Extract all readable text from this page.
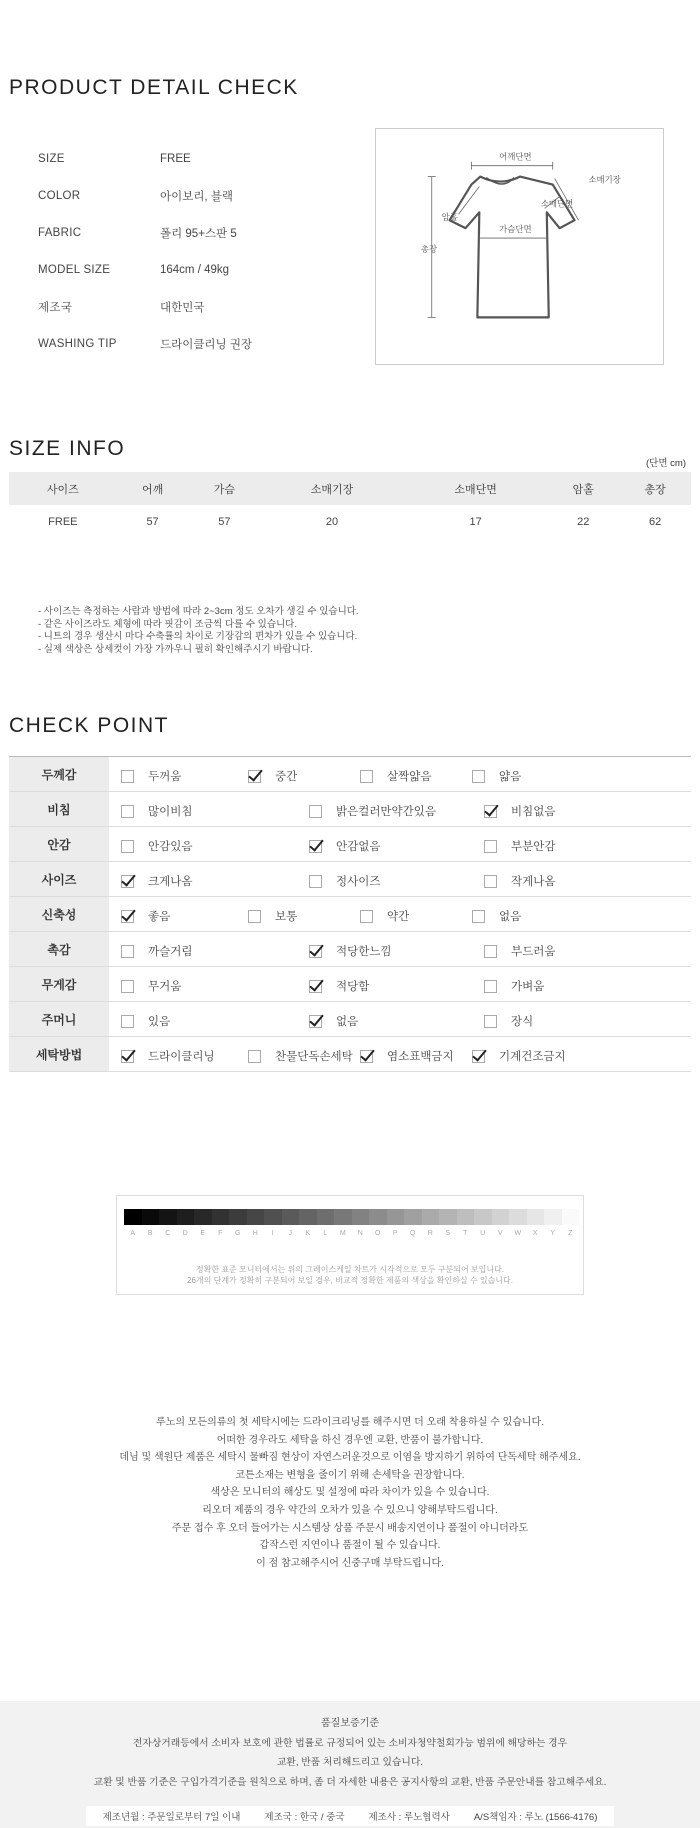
PRODUCT DETAIL CHECK
SIZE	FREE
COLOR	아이보리, 블랙
FABRIC	폴리 95+스판 5
MODEL SIZE	164cm / 49kg
제조국	대한민국
WASHING TIP	드라이클리닝 권장
어깨단면
소매기장
소매단면
암홀
가슴단면
총장
SIZE INFO
(단면 cm)
사이즈	어깨	가슴	소매기장	소매단면	암홀	총장
FREE	57	57	20	17	22	62
- 사이즈는 측정하는 사람과 방법에 따라 2~3cm 정도 오차가 생길 수 있습니다.
- 같은 사이즈라도 체형에 따라 핏감이 조금씩 다를 수 있습니다.
- 니트의 경우 생산시 마다 수축률의 차이로 기장감의 편차가 있을 수 있습니다.
- 실제 색상은 상세컷이 가장 가까우니 필히 확인해주시기 바랍니다.
CHECK POINT
두께감	두꺼움	중간	살짝얇음	얇음
비침	많이비침	밝은컬러만약간있음	비침없음
안감	안감있음	안감없음	부분안감
사이즈	크게나옴	정사이즈	작게나옴
신축성	좋음	보통	약간	없음
촉감	까슬거림	적당한느낌	부드러움
무게감	무거움	적당함	가벼움
주머니	있음	없음	장식
세탁방법	드라이클리닝	찬물단독손세탁	염소표백금지	기계건조금지
A	B	C	D	E	F	G	H	I	J	K	L	M	N	O	P	Q	R	S	T	U	V	W	X	Y	Z
정확한 표준 모니터에서는 위의 그레이스케일 차트가 시각적으로 모두 구분되어 보입니다.
26개의 단계가 정확히 구분되어 보일 경우, 비교적 정확한 제품의 색상을 확인하실 수 있습니다.
루노의 모든의류의 첫 세탁시에는 드라이크리닝를 해주시면 더 오래 착용하실 수 있습니다.
어떠한 경우라도 세탁을 하신 경우엔 교환, 반품이 불가합니다.
데님 및 색원단 제품은 세탁시 물빠짐 현상이 자연스러운것으로 이염을 방지하기 위하여 단독세탁 해주세요.
코튼소재는 변형을 줄이기 위해 손세탁을 권장합니다.
색상은 모니터의 해상도 및 설정에 따라 차이가 있을 수 있습니다.
리오더 제품의 경우 약간의 오차가 있을 수 있으니 양해부탁드립니다.
주문 접수 후 오더 들어가는 시스템상 상품 주문시 배송지연이나 품절이 아니더라도
갑작스런 지연이나 품절이 될 수 있습니다.
이 점 참고해주시어 신중구매 부탁드립니다.
품질보증기준
전자상거래등에서 소비자 보호에 관한 법률로 규정되어 있는 소비자청약철회가능 범위에 해당하는 경우
교환, 반품 처리해드리고 있습니다.
교환 및 반품 기준은 구입가격기준을 원칙으로 하며, 좀 더 자세한 내용은 공지사항의 교환, 반품 주문안내를 참고해주세요.
제조년월 : 주문일로부터 7일 이내	제조국 : 한국 / 중국	제조사 : 루노협력사	A/S책임자 : 루노 (1566-4176)
